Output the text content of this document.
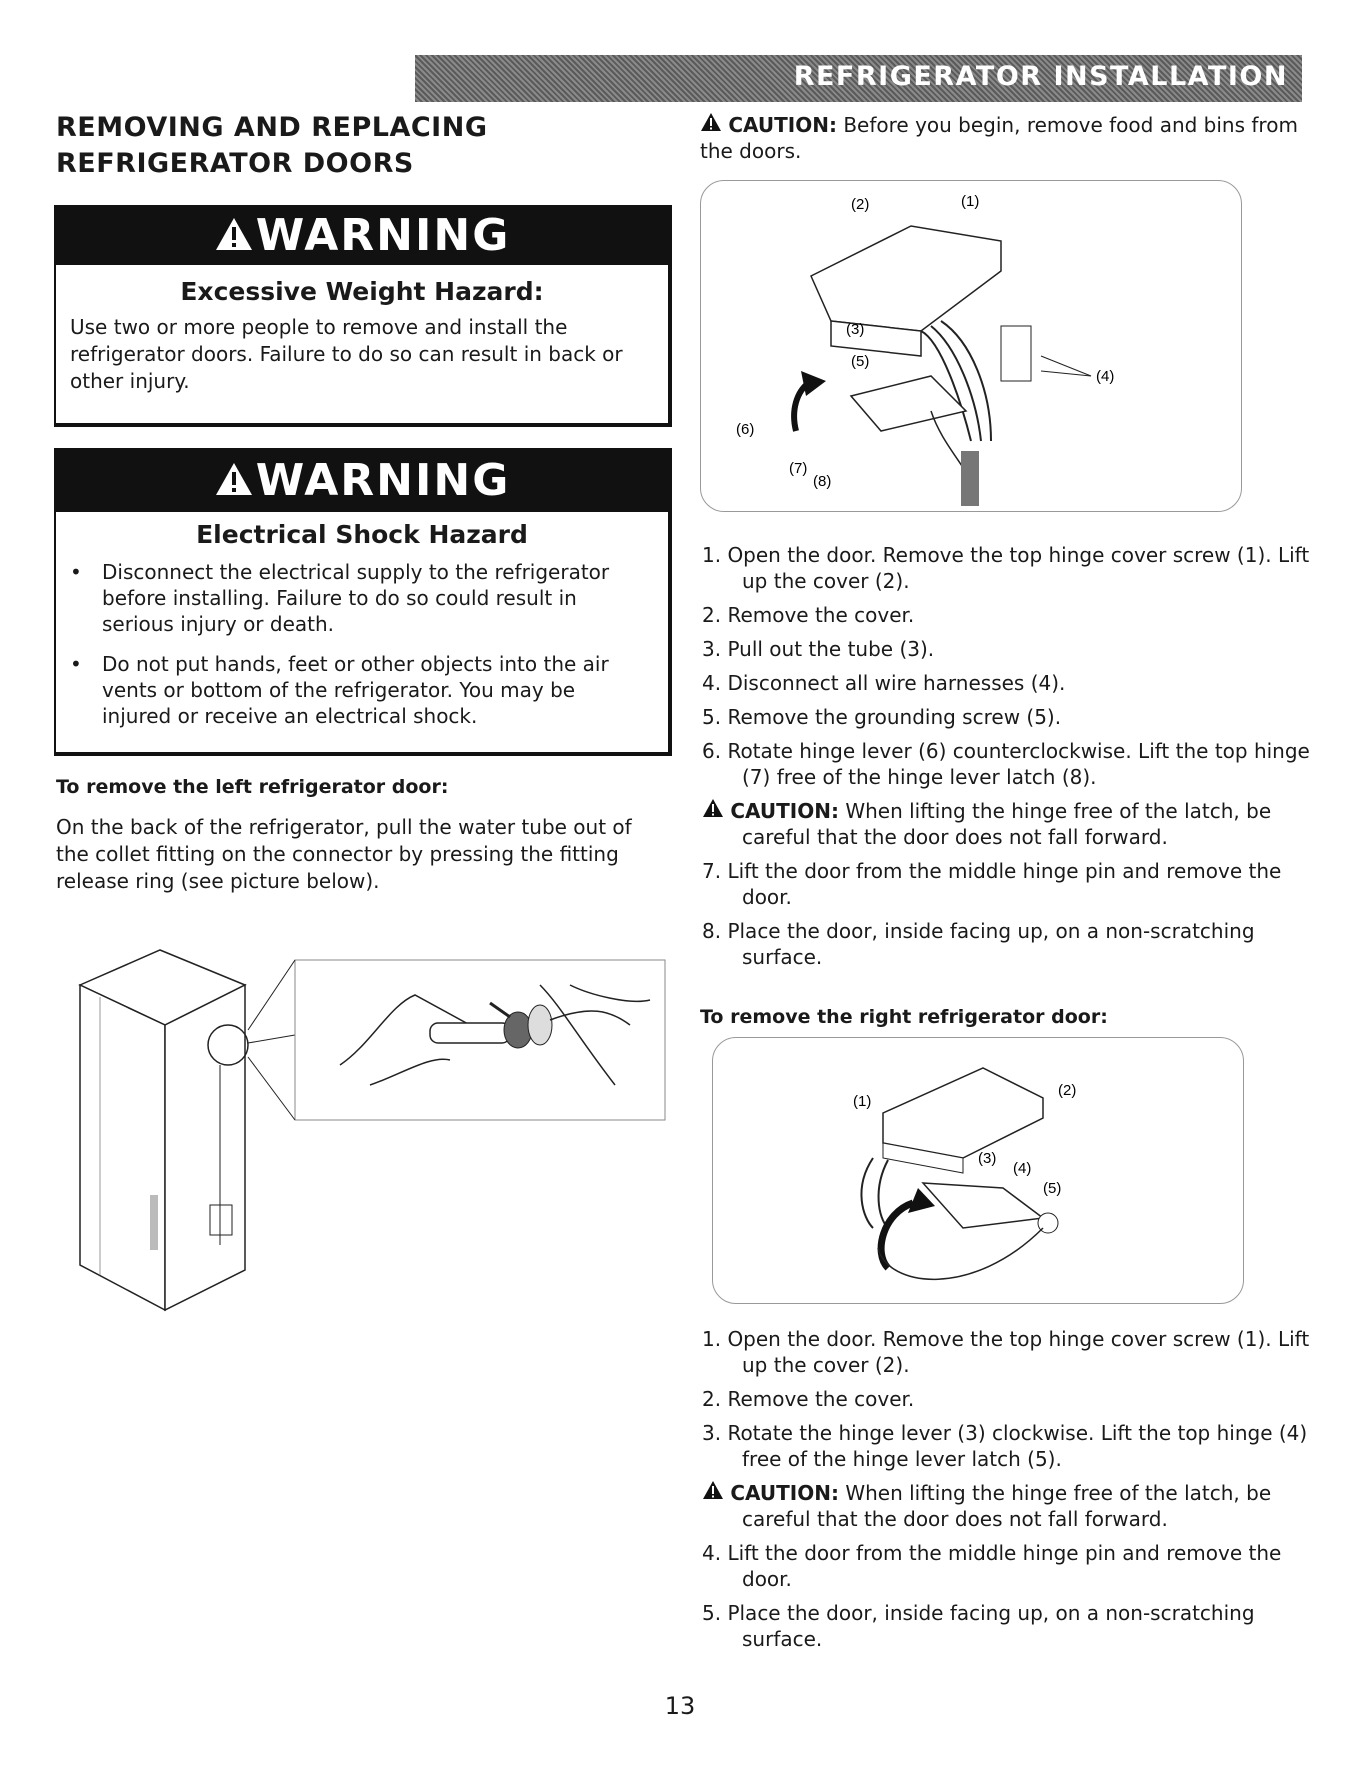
REFRIGERATOR INSTALLATION
REMOVING AND REPLACING
REFRIGERATOR DOORS
WARNING
Excessive Weight Hazard:
Use two or more people to remove and install the refrigerator doors. Failure to do so can result in back or other injury.
WARNING
Electrical Shock Hazard
• Disconnect the electrical supply to the refrigerator before installing. Failure to do so could result in serious injury or death.
• Do not put hands, feet or other objects into the air vents or bottom of the refrigerator. You may be injured or receive an electrical shock.
To remove the left refrigerator door:
On the back of the refrigerator, pull the water tube out of the collet fitting on the connector by pressing the fitting release ring (see picture below).
CAUTION: Before you begin, remove food and bins from the doors.
(2)	(1)
(3)
(4)
(5)
(6)
(7)
(8)
1. Open the door. Remove the top hinge cover screw (1). Lift up the cover (2).
2. Remove the cover.
3. Pull out the tube (3).
4. Disconnect all wire harnesses (4).
5. Remove the grounding screw (5).
6. Rotate hinge lever (6) counterclockwise. Lift the top hinge (7) free of the hinge lever latch (8).
CAUTION: When lifting the hinge free of the latch, be careful that the door does not fall forward.
7. Lift the door from the middle hinge pin and remove the door.
8. Place the door, inside facing up, on a non-scratching surface.
To remove the right refrigerator door:
(1)
(2)
(3)
(4)
(5)
1. Open the door. Remove the top hinge cover screw (1). Lift up the cover (2).
2. Remove the cover.
3. Rotate the hinge lever (3) clockwise. Lift the top hinge (4) free of the hinge lever latch (5).
CAUTION: When lifting the hinge free of the latch, be careful that the door does not fall forward.
4. Lift the door from the middle hinge pin and remove the door.
5. Place the door, inside facing up, on a non-scratching surface.
13
